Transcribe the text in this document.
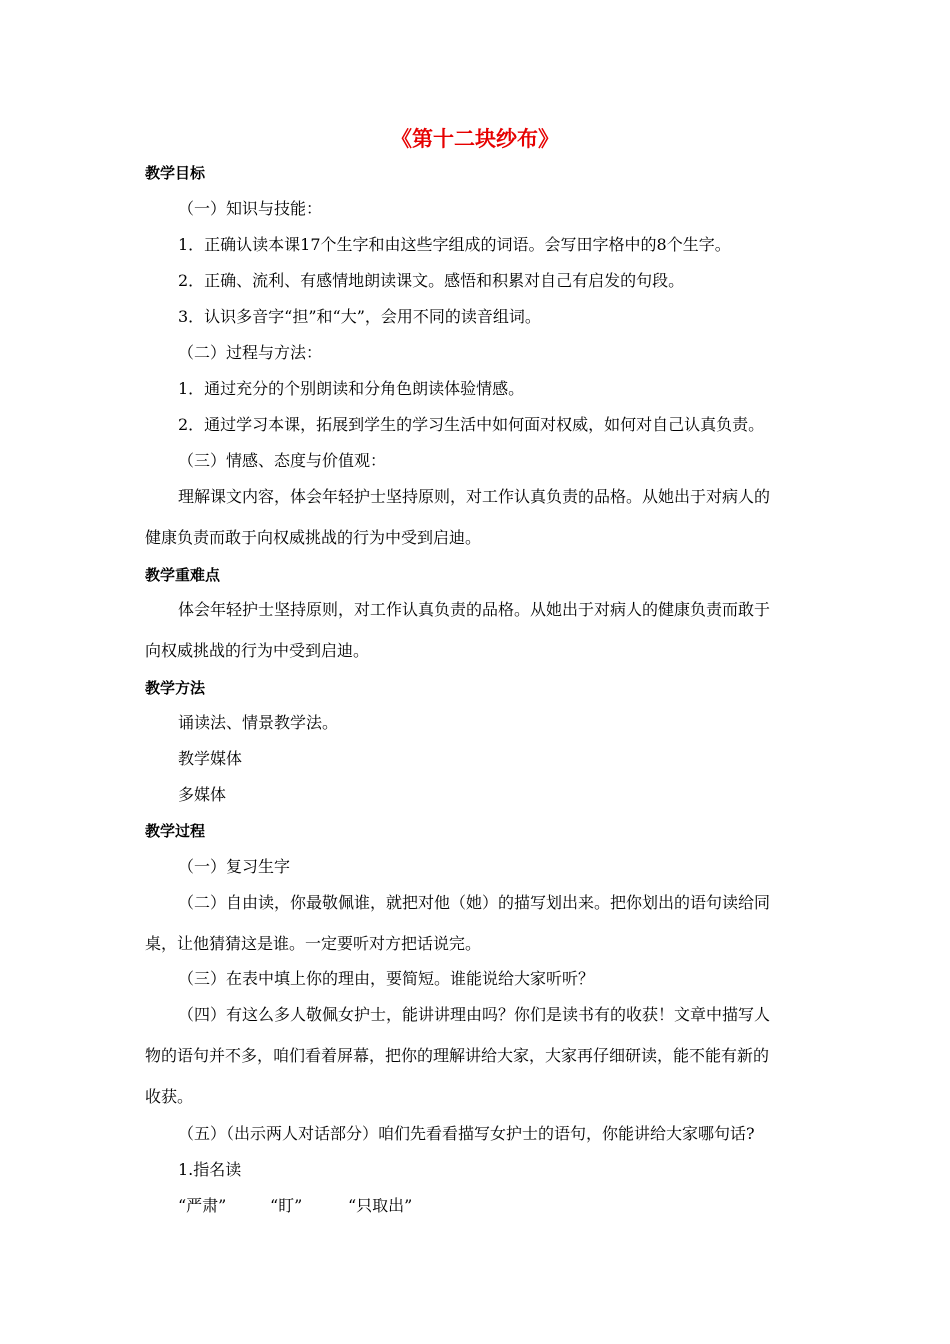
《第十二块纱布》
教学目标
（一）知识与技能：
1．正确认读本课17个生字和由这些字组成的词语。会写田字格中的8个生字。
2．正确、流利、有感情地朗读课文。感悟和积累对自己有启发的句段。
3．认识多音字“担”和“大”，会用不同的读音组词。
（二）过程与方法：
1．通过充分的个别朗读和分角色朗读体验情感。
2．通过学习本课，拓展到学生的学习生活中如何面对权威，如何对自己认真负责。
（三）情感、态度与价值观：
理解课文内容，体会年轻护士坚持原则，对工作认真负责的品格。从她出于对病人的
健康负责而敢于向权威挑战的行为中受到启迪。
教学重难点
体会年轻护士坚持原则，对工作认真负责的品格。从她出于对病人的健康负责而敢于
向权威挑战的行为中受到启迪。
教学方法
诵读法、情景教学法。
教学媒体
多媒体
教学过程
（一）复习生字
（二）自由读，你最敬佩谁，就把对他（她）的描写划出来。把你划出的语句读给同
桌，让他猜猜这是谁。一定要听对方把话说完。
（三）在表中填上你的理由，要简短。谁能说给大家听听？
（四）有这么多人敬佩女护士，能讲讲理由吗？你们是读书有的收获！文章中描写人
物的语句并不多，咱们看着屏幕，把你的理解讲给大家，大家再仔细研读，能不能有新的
收获。
（五）（出示两人对话部分）咱们先看看描写女护士的语句，你能讲给大家哪句话?
1.指名读
“严肃”	“盯”	“只取出”
